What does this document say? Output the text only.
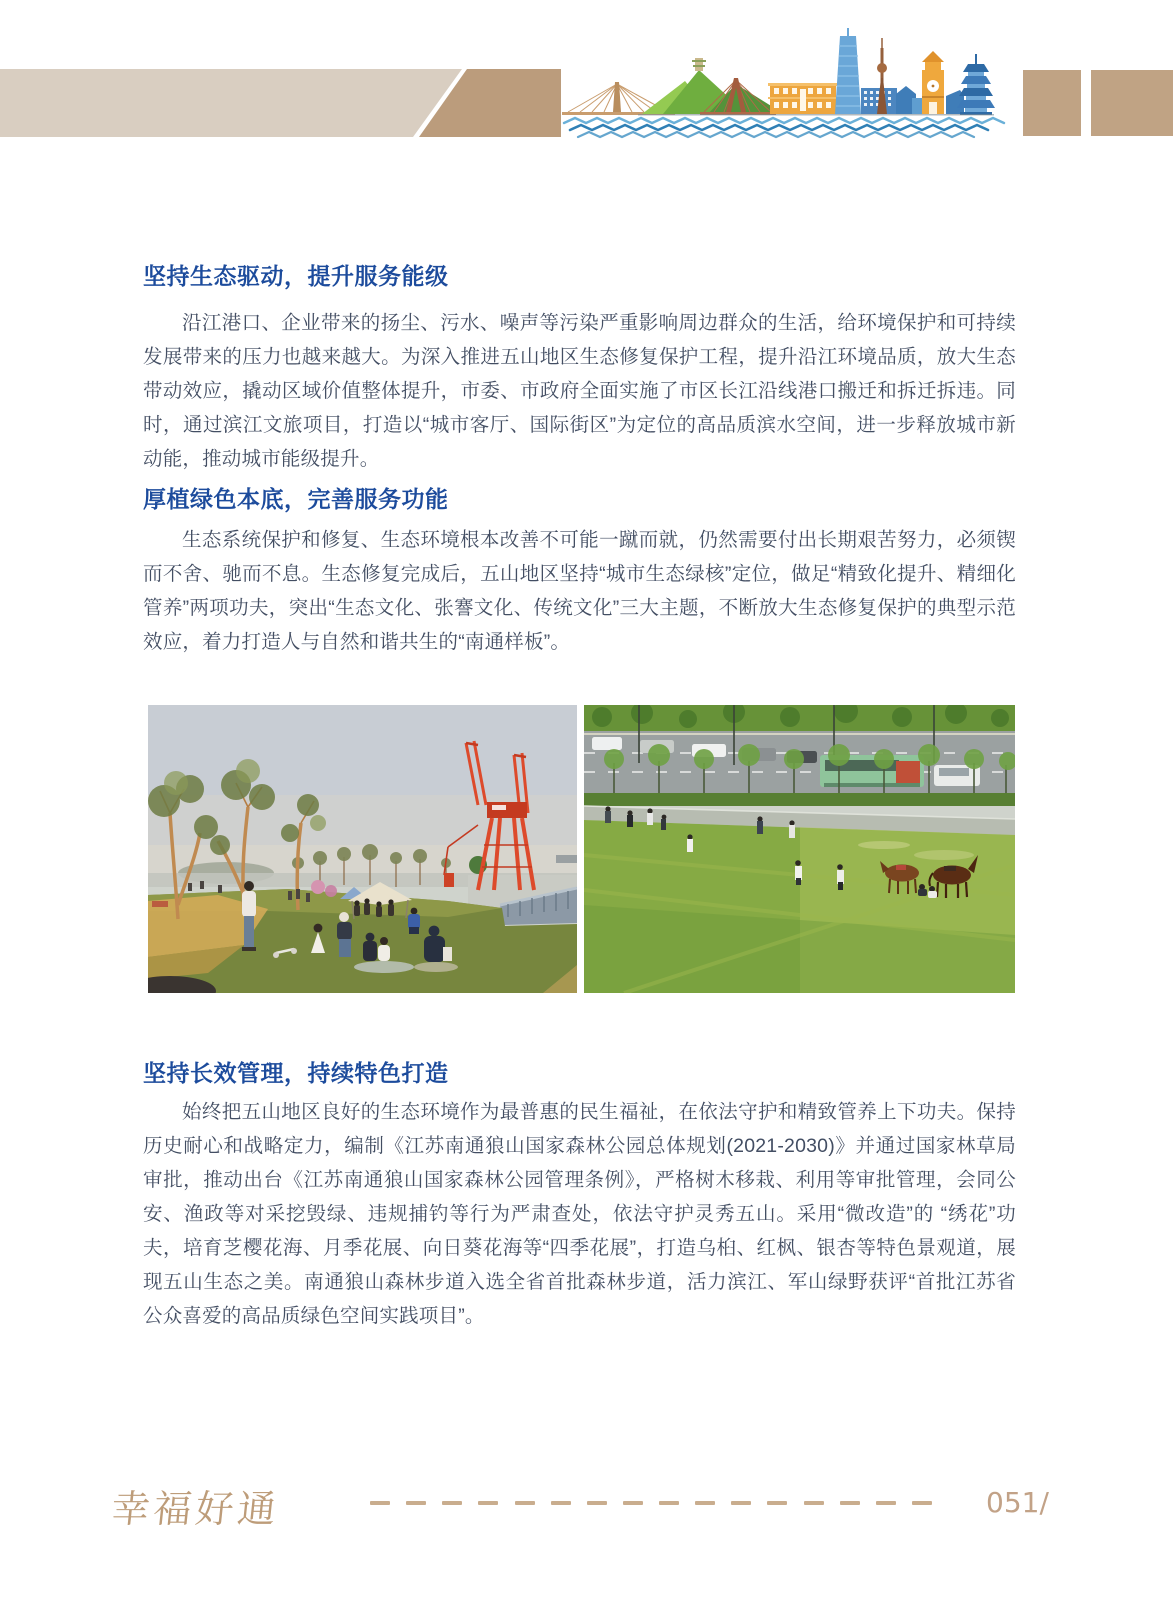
坚持生态驱动，提升服务能级
沿江港口、企业带来的扬尘、污水、噪声等污染严重影响周边群众的生活，给环境保护和可持续发展带来的压力也越来越大。为深入推进五山地区生态修复保护工程，提升沿江环境品质，放大生态带动效应，撬动区域价值整体提升，市委、市政府全面实施了市区长江沿线港口搬迁和拆迁拆违。同时，通过滨江文旅项目，打造以“城市客厅、国际街区”为定位的高品质滨水空间，进一步释放城市新动能，推动城市能级提升。
厚植绿色本底，完善服务功能
生态系统保护和修复、生态环境根本改善不可能一蹴而就，仍然需要付出长期艰苦努力，必须锲而不舍、驰而不息。生态修复完成后，五山地区坚持“城市生态绿核”定位，做足“精致化提升、精细化管养”两项功夫，突出“生态文化、张謇文化、传统文化”三大主题，不断放大生态修复保护的典型示范效应，着力打造人与自然和谐共生的“南通样板”。
坚持长效管理，持续特色打造
始终把五山地区良好的生态环境作为最普惠的民生福祉，在依法守护和精致管养上下功夫。保持历史耐心和战略定力，编制《江苏南通狼山国家森林公园总体规划(2021-2030)》并通过国家林草局审批，推动出台《江苏南通狼山国家森林公园管理条例》，严格树木移栽、利用等审批管理，会同公安、渔政等对采挖毁绿、违规捕钓等行为严肃查处，依法守护灵秀五山。采用“微改造”的 “绣花”功夫，培育芝樱花海、月季花展、向日葵花海等“四季花展”，打造乌桕、红枫、银杏等特色景观道，展现五山生态之美。南通狼山森林步道入选全省首批森林步道，活力滨江、军山绿野获评“首批江苏省公众喜爱的高品质绿色空间实践项目”。
幸福好通	051/
